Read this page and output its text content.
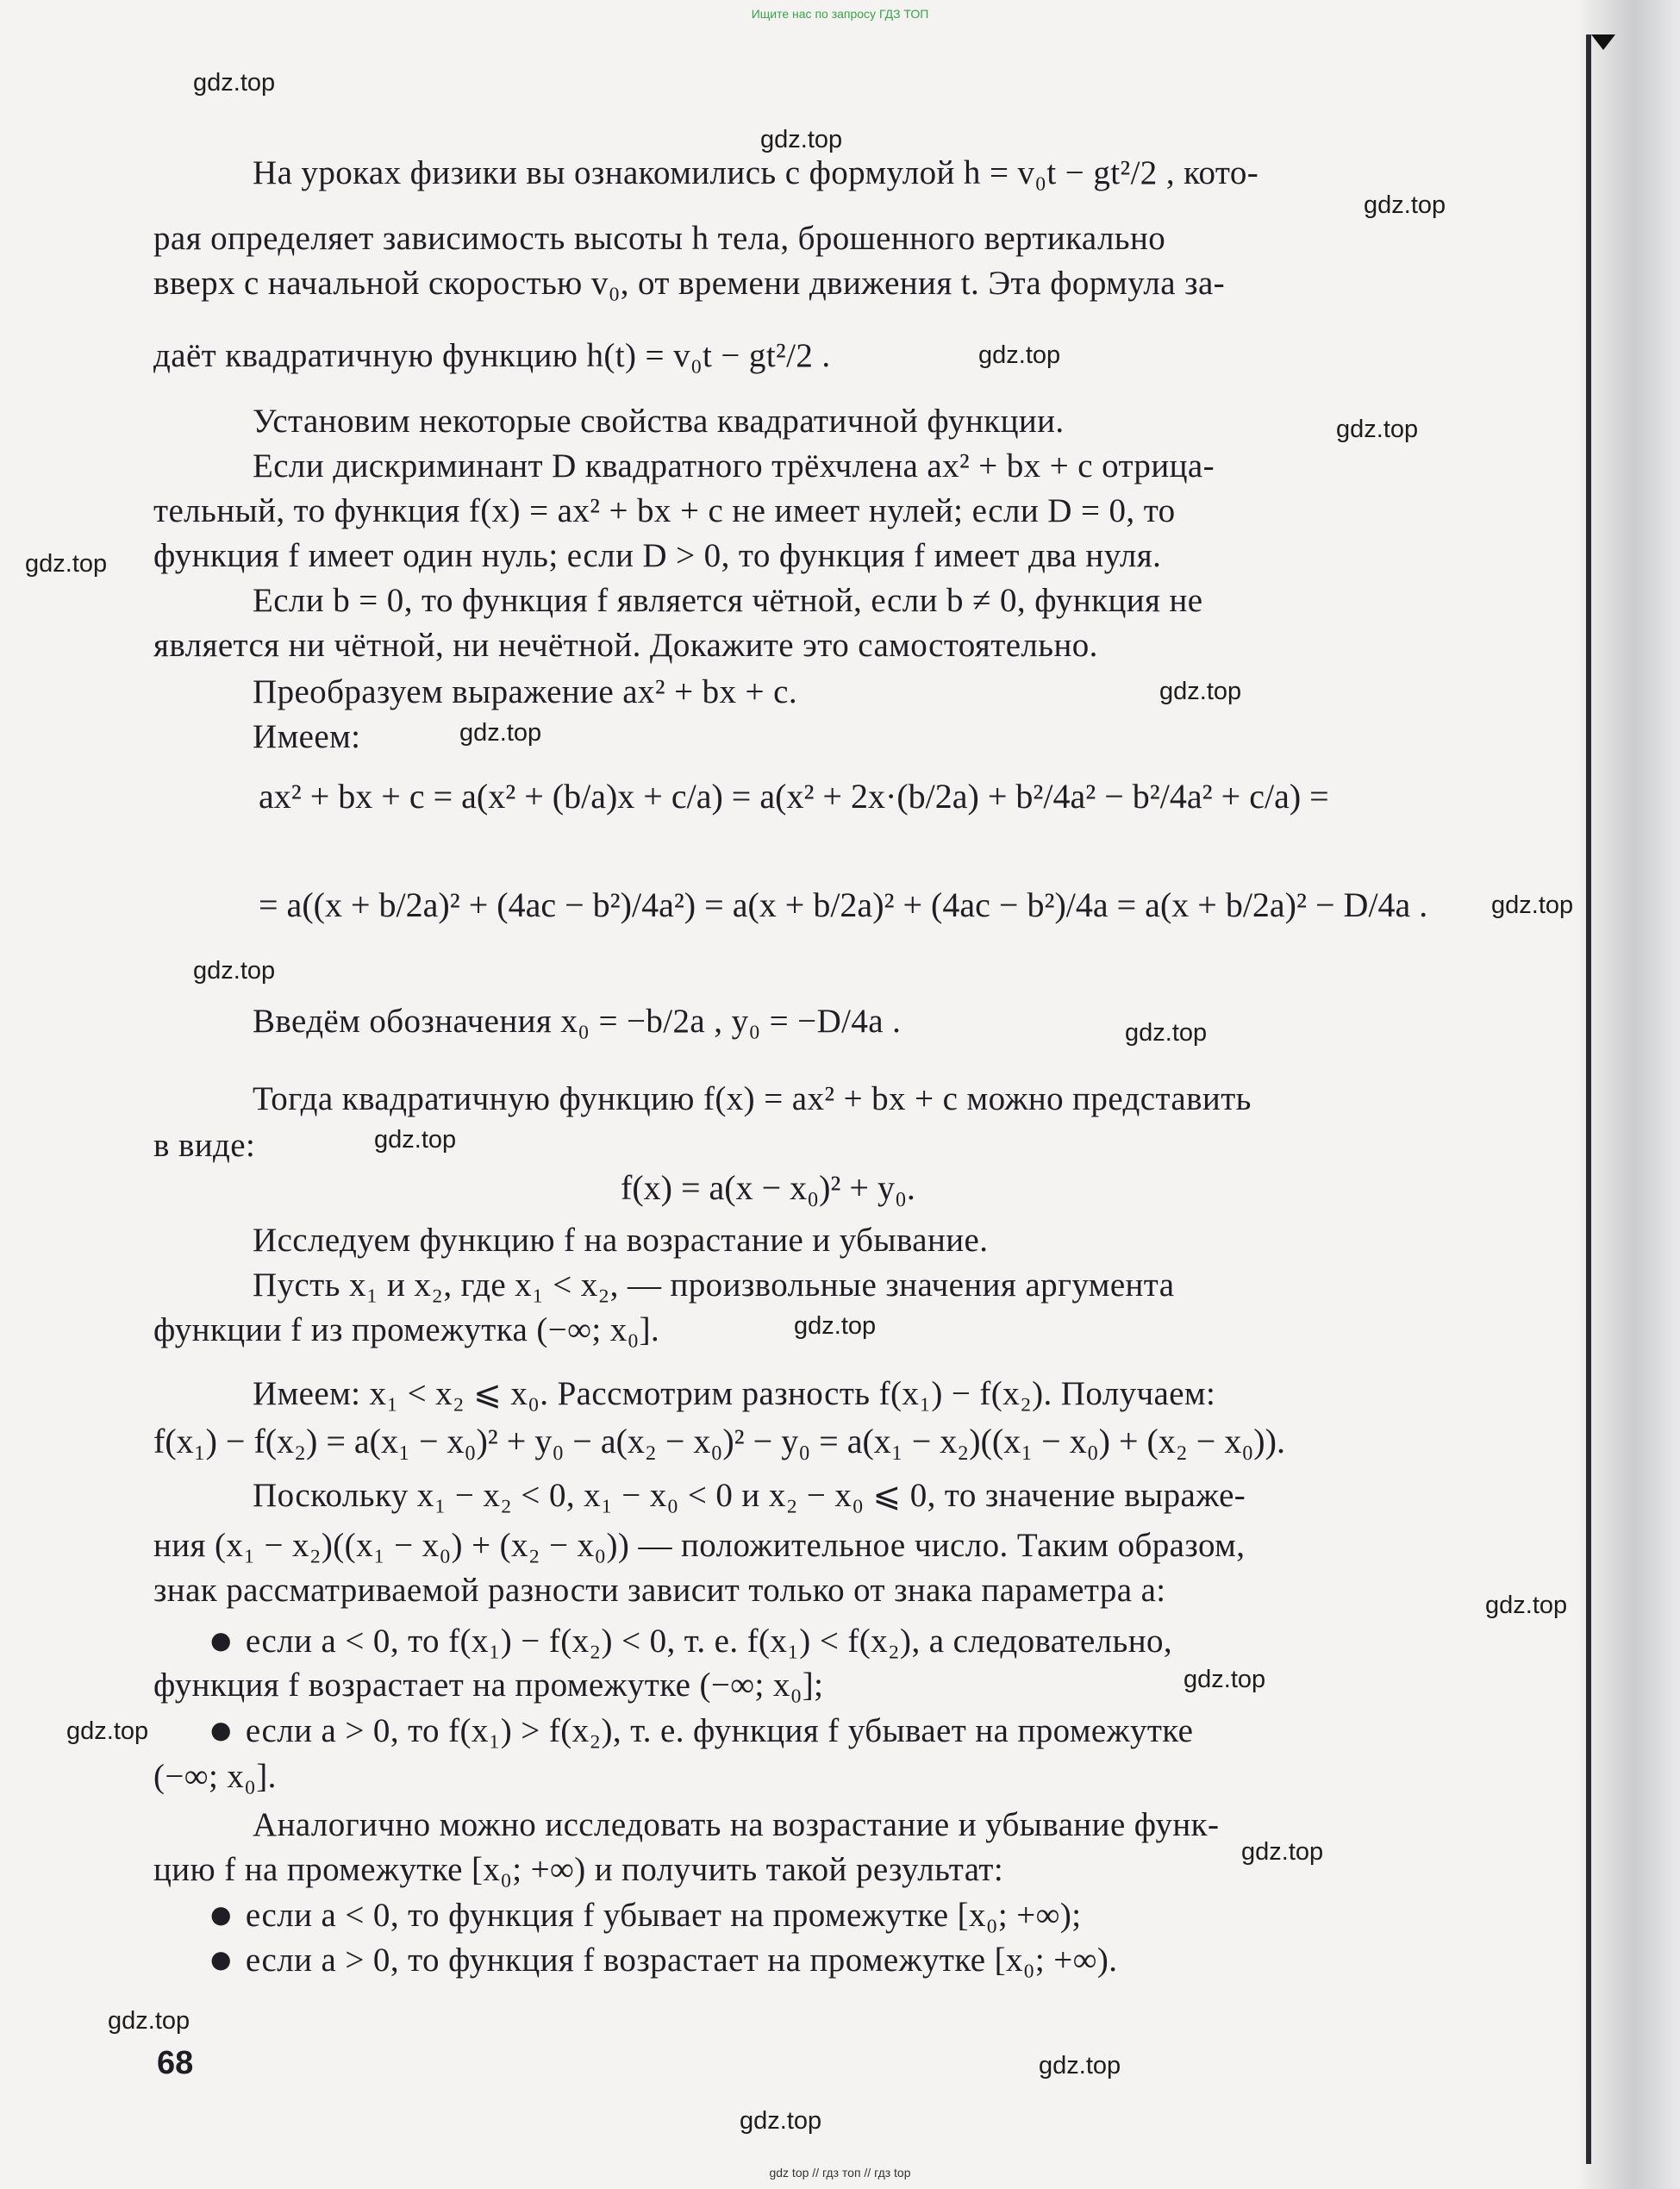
Ищите нас по запросу ГДЗ ТОП
gdz.top
gdz.top
gdz.top
gdz.top
gdz.top
gdz.top
gdz.top
gdz.top
gdz.top
gdz.top
gdz.top
gdz.top
gdz.top
gdz.top
gdz.top
gdz.top
gdz.top
gdz.top
gdz.top
gdz.top
На уроках физики вы ознакомились с формулой h = v₀t − gt²/2 , кото-
рая определяет зависимость высоты h тела, брошенного вертикально
вверх с начальной скоростью v₀, от времени движения t. Эта формула за-
даёт квадратичную функцию h(t) = v₀t − gt²/2 .
Установим некоторые свойства квадратичной функции.
Если дискриминант D квадратного трёхчлена ax² + bx + c отрица-
тельный, то функция f(x) = ax² + bx + c не имеет нулей; если D = 0, то
функция f имеет один нуль; если D > 0, то функция f имеет два нуля.
Если b = 0, то функция f является чётной, если b ≠ 0, функция не
является ни чётной, ни нечётной. Докажите это самостоятельно.
Преобразуем выражение ax² + bx + c.
Имеем:
ax² + bx + c = a(x² + (b/a)x + c/a) = a(x² + 2x·(b/2a) + b²/4a² − b²/4a² + c/a) =
= a((x + b/2a)² + (4ac − b²)/4a²) = a(x + b/2a)² + (4ac − b²)/4a = a(x + b/2a)² − D/4a .
Введём обозначения x₀ = −b/2a , y₀ = −D/4a .
Тогда квадратичную функцию f(x) = ax² + bx + c можно представить
в виде:
f(x) = a(x − x₀)² + y₀.
Исследуем функцию f на возрастание и убывание.
Пусть x₁ и x₂, где x₁ < x₂, — произвольные значения аргумента
функции f из промежутка (−∞; x₀].
Имеем: x₁ < x₂ ⩽ x₀. Рассмотрим разность f(x₁) − f(x₂). Получаем:
f(x₁) − f(x₂) = a(x₁ − x₀)² + y₀ − a(x₂ − x₀)² − y₀ = a(x₁ − x₂)((x₁ − x₀) + (x₂ − x₀)).
Поскольку x₁ − x₂ < 0, x₁ − x₀ < 0 и x₂ − x₀ ⩽ 0, то значение выраже-
ния (x₁ − x₂)((x₁ − x₀) + (x₂ − x₀)) — положительное число. Таким образом,
знак рассматриваемой разности зависит только от знака параметра a:
● если a < 0, то f(x₁) − f(x₂) < 0, т. е. f(x₁) < f(x₂), а следовательно,
функция f возрастает на промежутке (−∞; x₀];
● если a > 0, то f(x₁) > f(x₂), т. е. функция f убывает на промежутке
(−∞; x₀].
Аналогично можно исследовать на возрастание и убывание функ-
цию f на промежутке [x₀; +∞) и получить такой результат:
● если a < 0, то функция f убывает на промежутке [x₀; +∞);
● если a > 0, то функция f возрастает на промежутке [x₀; +∞).
68
gdz top // гдз топ // гдз top
